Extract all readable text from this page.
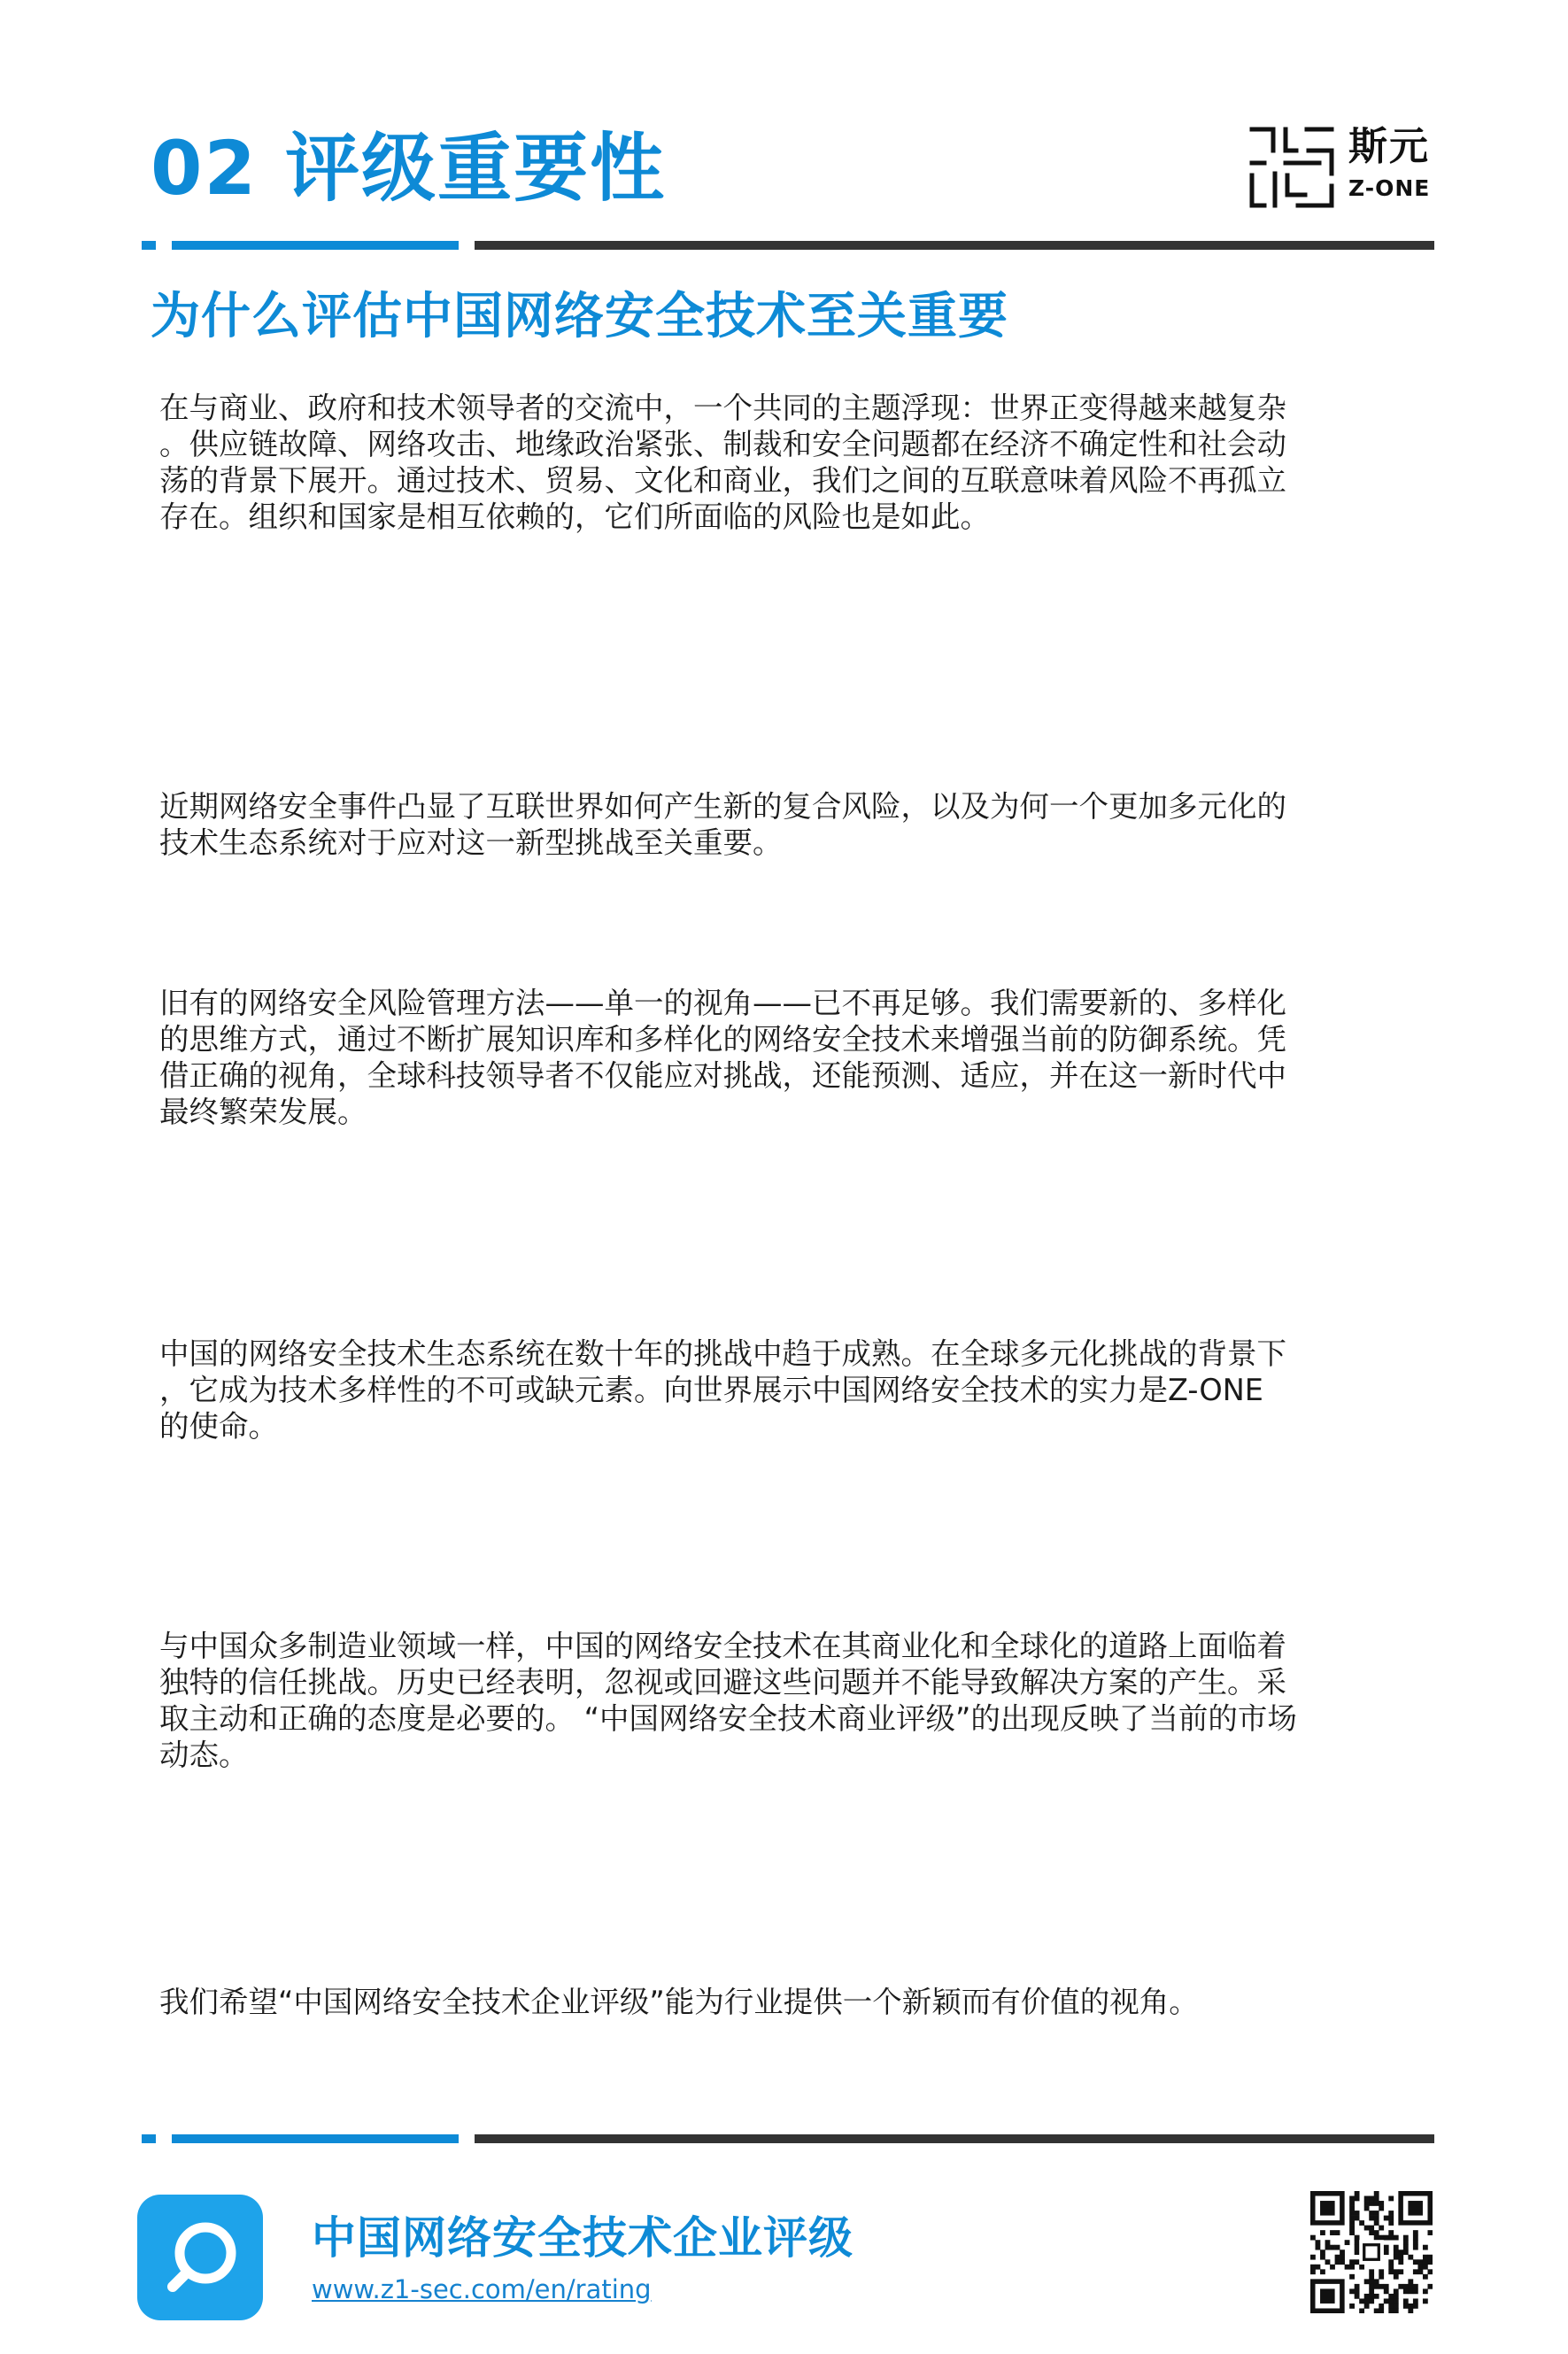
02 评级重要性	斯元
Z-ONE
为什么评估中国网络安全技术至关重要
在与商业、政府和技术领导者的交流中，一个共同的主题浮现：世界正变得越来越复杂
。供应链故障、网络攻击、地缘政治紧张、制裁和安全问题都在经济不确定性和社会动
荡的背景下展开。通过技术、贸易、文化和商业，我们之间的互联意味着风险不再孤立
存在。组织和国家是相互依赖的，它们所面临的风险也是如此。
近期网络安全事件凸显了互联世界如何产生新的复合风险，以及为何一个更加多元化的
技术生态系统对于应对这一新型挑战至关重要。
旧有的网络安全风险管理方法——单一的视角——已不再足够。我们需要新的、多样化
的思维方式，通过不断扩展知识库和多样化的网络安全技术来增强当前的防御系统。凭
借正确的视角，全球科技领导者不仅能应对挑战，还能预测、适应，并在这一新时代中
最终繁荣发展。
中国的网络安全技术生态系统在数十年的挑战中趋于成熟。在全球多元化挑战的背景下
，它成为技术多样性的不可或缺元素。向世界展示中国网络安全技术的实力是Z-ONE
的使命。
与中国众多制造业领域一样，中国的网络安全技术在其商业化和全球化的道路上面临着
独特的信任挑战。历史已经表明，忽视或回避这些问题并不能导致解决方案的产生。采
取主动和正确的态度是必要的。 “中国网络安全技术商业评级”的出现反映了当前的市场
动态。
我们希望“中国网络安全技术企业评级”能为行业提供一个新颖而有价值的视角。
中国网络安全技术企业评级
www.z1-sec.com/en/rating
